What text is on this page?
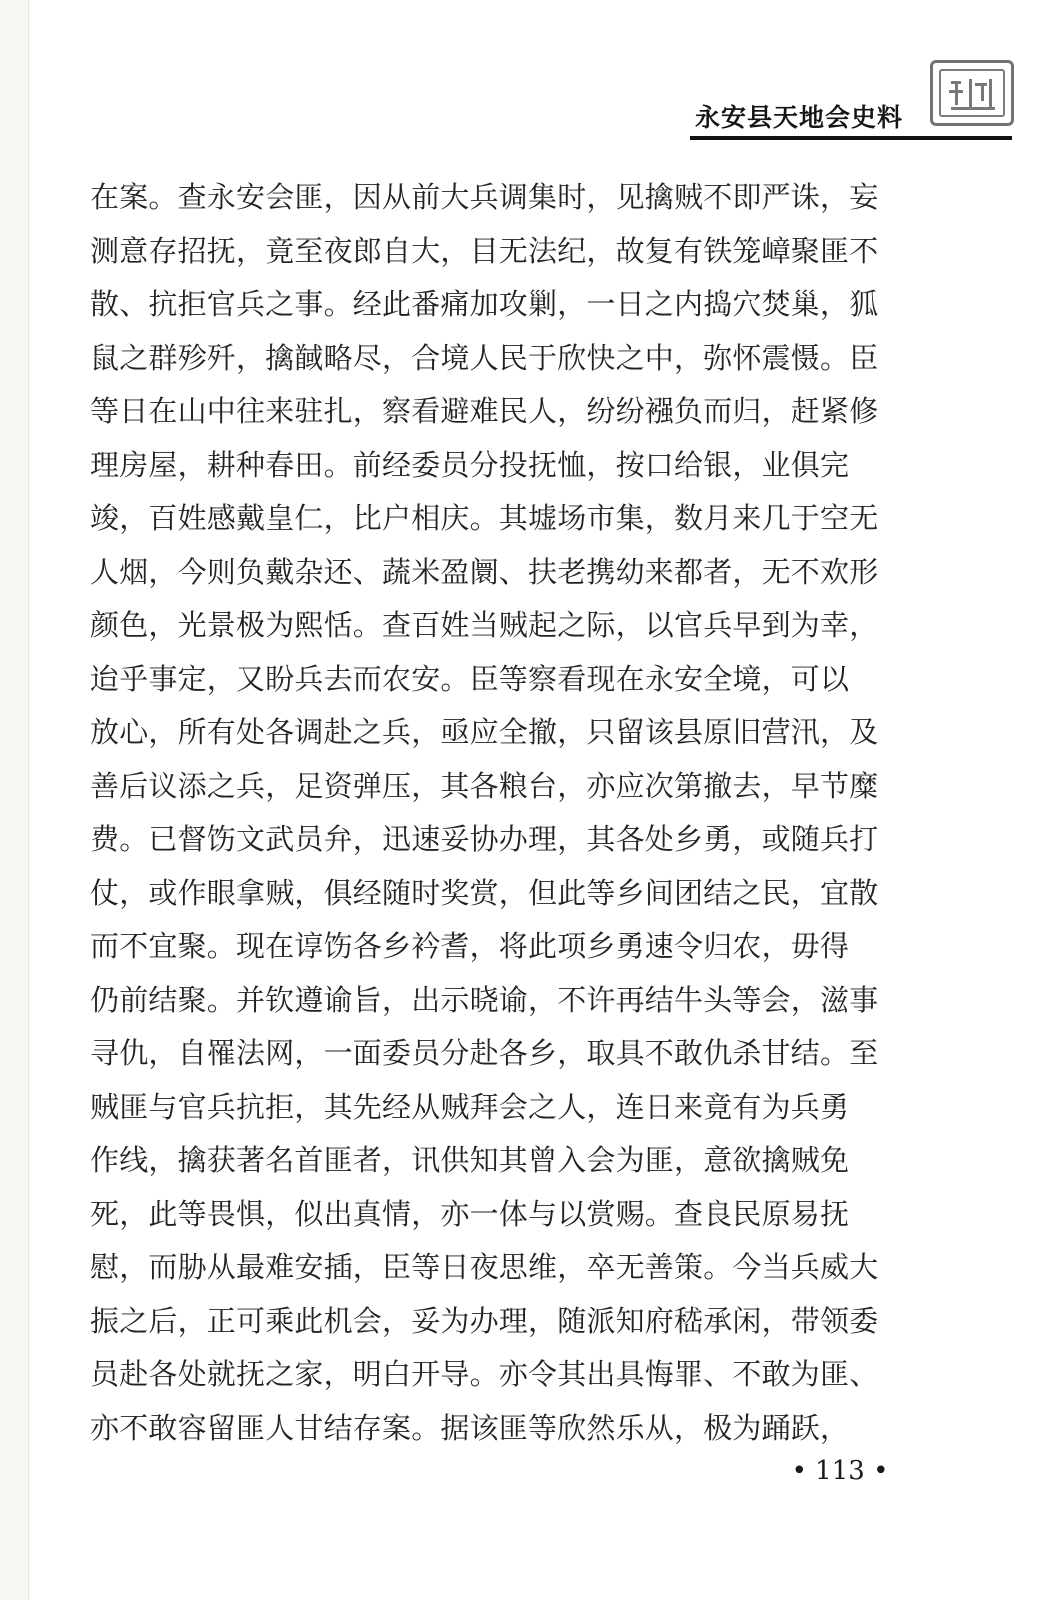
永安县天地会史料
在案。查永安会匪，因从前大兵调集时，见擒贼不即严诛，妄
测意存招抚，竟至夜郎自大，目无法纪，故复有铁笼嶂聚匪不
散、抗拒官兵之事。经此番痛加攻剿，一日之内捣穴焚巢，狐
鼠之群殄歼，擒馘略尽，合境人民于欣快之中，弥怀震慑。臣
等日在山中往来驻扎，察看避难民人，纷纷襁负而归，赶紧修
理房屋，耕种春田。前经委员分投抚恤，按口给银，业俱完
竣，百姓感戴皇仁，比户相庆。其墟场市集，数月来几于空无
人烟，今则负戴杂还、蔬米盈阛、扶老携幼来都者，无不欢形
颜色，光景极为熙恬。查百姓当贼起之际，以官兵早到为幸，
迨乎事定，又盼兵去而农安。臣等察看现在永安全境，可以
放心，所有处各调赴之兵，亟应全撤，只留该县原旧营汛，及
善后议添之兵，足资弹压，其各粮台，亦应次第撤去，早节糜
费。已督饬文武员弁，迅速妥协办理，其各处乡勇，或随兵打
仗，或作眼拿贼，俱经随时奖赏，但此等乡间团结之民，宜散
而不宜聚。现在谆饬各乡衿耆，将此项乡勇速令归农，毋得
仍前结聚。并钦遵谕旨，出示晓谕，不许再结牛头等会，滋事
寻仇，自罹法网，一面委员分赴各乡，取具不敢仇杀甘结。至
贼匪与官兵抗拒，其先经从贼拜会之人，连日来竟有为兵勇
作线，擒获著名首匪者，讯供知其曾入会为匪，意欲擒贼免
死，此等畏惧，似出真情，亦一体与以赏赐。查良民原易抚
慰，而胁从最难安插，臣等日夜思维，卒无善策。今当兵威大
振之后，正可乘此机会，妥为办理，随派知府嵇承闲，带领委
员赴各处就抚之家，明白开导。亦令其出具悔罪、不敢为匪、
亦不敢容留匪人甘结存案。据该匪等欣然乐从，极为踊跃，
• 113 •
